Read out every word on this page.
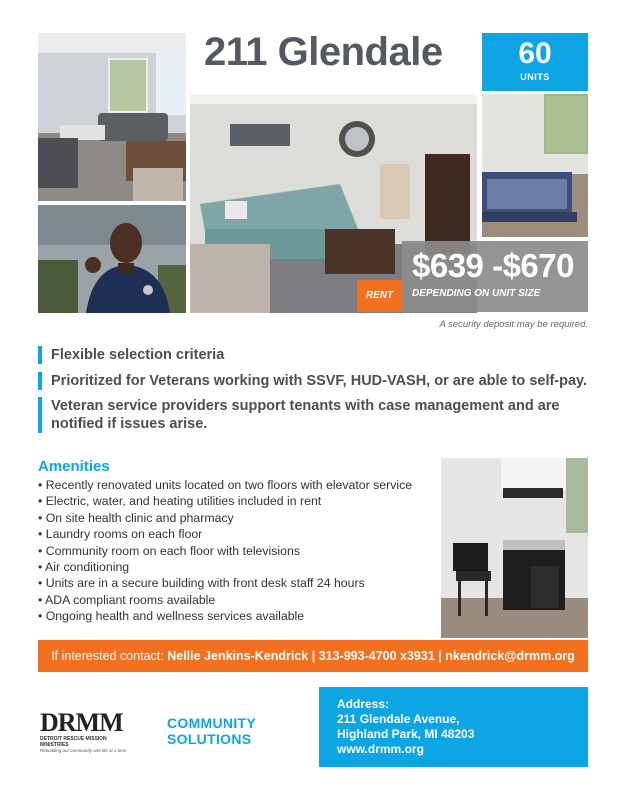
211 Glendale	60
UNITS
RENT
$639 -$670
DEPENDING ON UNIT SIZE
A security deposit may be required.
Flexible selection criteria
Prioritized for Veterans working with SSVF, HUD-VASH, or are able to self-pay.
Veteran service providers support tenants with case management and are notified if issues arise.
Amenities
• Recently renovated units located on two floors with elevator service
• Electric, water, and heating utilities included in rent
• On site health clinic and pharmacy
• Laundry rooms on each floor
• Community room on each floor with televisions
• Air conditioning
• Units are in a secure building with front desk staff 24 hours
• ADA compliant rooms available
• Ongoing health and wellness services available
If interested contact: Nellie Jenkins-Kendrick | 313-993-4700 x3931 | nkendrick@drmm.org
DRMM
DETROIT RESCUE MISSION MINISTRIES
Rebuilding our community one life at a time.
COMMUNITY
SOLUTIONS
Address:
211 Glendale Avenue,
Highland Park, MI 48203
www.drmm.org
